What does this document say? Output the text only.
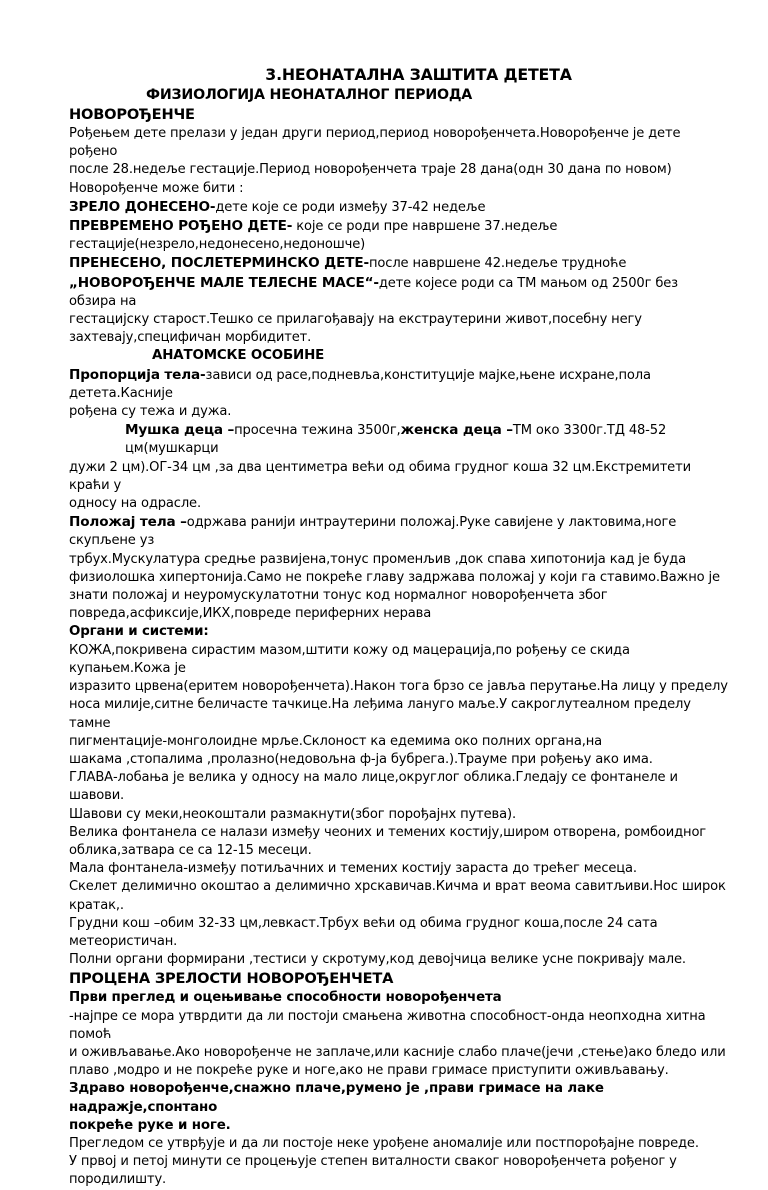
3.НЕОНАТАЛНА ЗАШТИТА ДЕТЕТА

ФИЗИОЛОГИЈА НЕОНАТАЛНОГ ПЕРИОДА

НОВОРОЂЕНЧЕ

Рођењем дете прелази у један други период,период новорођенчета.Новорођенче је дете рођено

после 28.недеље гестације.Период новорођенчета траје 28 дана(одн 30 дана по новом)

Новорођенче може бити :

ЗРЕЛО ДОНЕСЕНО-дете које се роди између 37-42 недеље

ПРЕВРЕМЕНО РОЂЕНО ДЕТЕ- које се роди пре навршене 37.недеље

гестације(незрело,недонесено,недоношче)

ПРЕНЕСЕНО, ПОСЛЕТЕРМИНСКО ДЕТЕ-после навршене 42.недеље трудноће

„НОВОРОЂЕНЧЕ МАЛЕ ТЕЛЕСНЕ МАСЕ“-дете којесе роди са ТМ мањом од 2500г без обзира на

гестацијску старост.Тешко се прилагођавају на екстраутерини живот,посебну негу

захтевају,специфичан морбидитет.

АНАТОМСКЕ ОСОБИНЕ

Пропорција тела-зависи од расе,подневља,конституције мајке,њене исхране,пола детета.Касније

рођена су тежа и дужа.

Мушка деца –просечна тежина 3500г,женска деца –ТМ око 3300г.ТД 48-52 цм(мушкарци

дужи 2 цм).ОГ-34 цм ,за два центиметра већи од обима грудног коша 32 цм.Екстремитети краћи у

односу на одрасле.

Положај тела –одржава ранији интраутерини положај.Руке савијене у лактовима,ноге скупљене уз

трбух.Мускулатура средње развијена,тонус променљив ,док спава хипотонија кад је буда

физиолошка хипертонија.Само не покреће главу задржава положај у који га ставимо.Важно је

знати положај и неуромускулатотни тонус код нормалног новорођенчета због

повреда,асфиксије,ИКХ,повреде периферних нерава

Органи и системи:

КОЖА,покривена сирастим мазом,штити кожу од мацерација,по рођењу се скида купањем.Кожа је

изразито црвена(еритем новорођенчета).Након тога брзо се јавља перутање.На лицу у пределу

носа милије,ситне беличасте тачкице.На леђима лануго маље.У сакроглутеалном пределу тамне

пигментације-монголоидне мрље.Склоност ка едемима око полних органа,на

шакама ,стопалима ,пролазно(недовољна ф-ја бубрега.).Трауме при рођењу ако има.

ГЛАВА-лобања је велика у односу на мало лице,округлог облика.Гледају се фонтанеле и шавови.

Шавови су меки,неокоштали размакнути(због порођајнх путева).

Велика фонтанела се налази између чеоних и темених костију,широм отворена, ромбоидног

облика,затвара се са 12-15 месеци.

Мала фонтанела-између потиљачних и темених костију зараста до трећег месеца.

Скелет делимично окоштао а делимично хрскавичав.Кичма и врат веома савитљиви.Нос широк

кратак,.

Грудни кош –обим 32-33 цм,левкаст.Трбух већи од обима грудног коша,после 24 сата

метеористичан.

Полни органи формирани ,тестиси у скротуму,код девојчица велике усне покривају мале.

ПРОЦЕНА ЗРЕЛОСТИ НОВОРОЂЕНЧЕТА

Први преглед и оцењивање способности новорођенчета

-најпре се мора утврдити да ли постоји смањена животна способност-онда неопходна хитна помоћ

и оживљавање.Ако новорођенче не заплаче,или касније слабо плаче(јечи ,стење)ако бледо или

плаво ,модро и не покреће руке и ноге,ако не прави гримасе приступити оживљавању.

Здраво новорођенче,снажно плаче,румено је ,прави гримасе на лаке надражје,спонтано

покреће руке и ноге.

Прегледом се утврђује и да ли постоје неке урођене аномалије или постпорођајне повреде.

У првој и петој минути се процењује степен виталности сваког новорођенчета рођеног у

породилишту.
